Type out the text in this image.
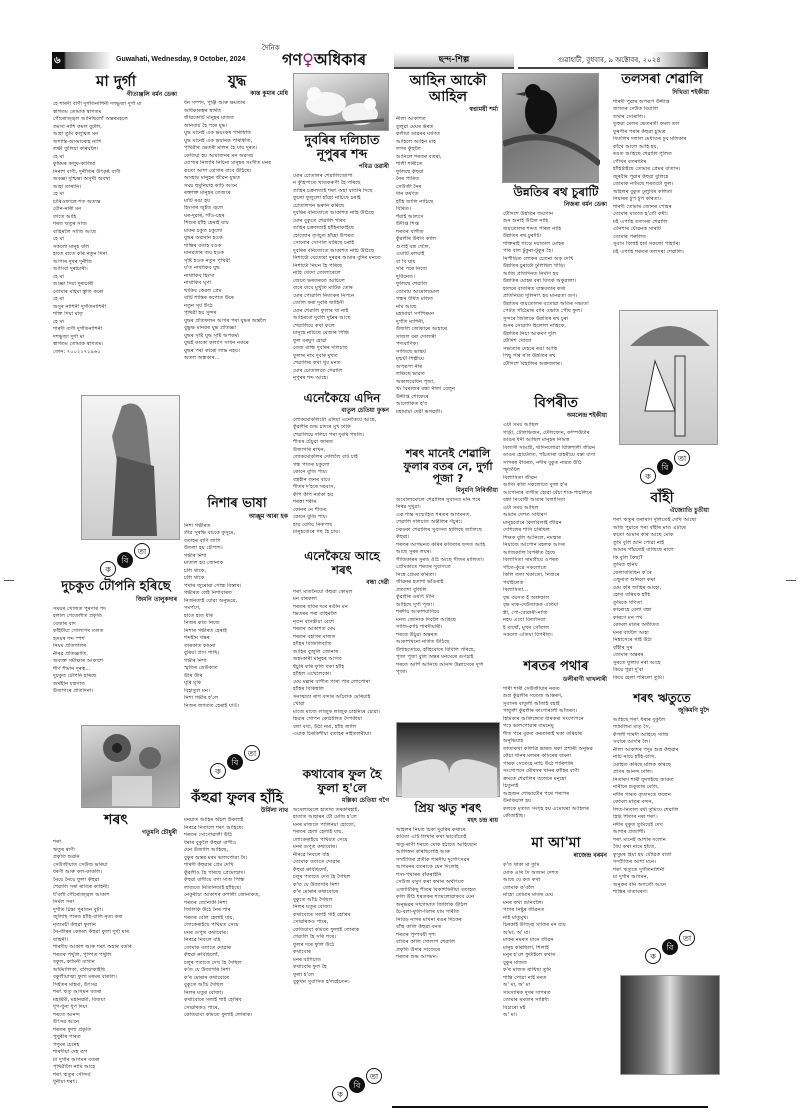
৬	Guwahati, Wednesday, 9 October, 2024
দৈনিক
গণ♀অধিকাৰ	ছন্দ-শিল্প	গুৱাহাটী, বুধবাৰ, ৯ অক্টোবৰ, ২০২৪
ক
বি
তা
ক
বি
তা
ক
বি
তা
ক
বি
তা
ক
বি
তা
মা দুৰ্গা
গীতাঞ্জলি বৰ্মন ডেকা
হে শাৰদী বাণী দুৰ্গতিনাশিনী দশভুজা দুৰ্গা মা
স্বাগতম তোমাক স্বাগতম
গৌৰোজ্জ্বল আনিছিলোঁ অন্তৰমহলে
তমসা নাশি কমল বুটলি,
আহা তুমি কলুষিত মন
অশান্তি-অসমাৰোহ নাশি
লক্ষী তুলিয়া কৰিবলৈ।
হে মা
কুমিমৰ কলুষ-কালিমা
নিৰাশ বাণী, দুৰ্নীতিৰ উৎকৃষ্ট বাণী
অবজ্ঞা দুশ্চিন্তা অসুখী অবস্থা
আহা তাৰানি।
হে মা
চাৰিওফালে শত অত্যন্ত
যৌন-নাৰী মন
তাতে আহি
শৰত ঋতুৰ সাজ
বাহিৰলৈ সাজি আছে
হে মা
সকলো মানুহ বলি
হাতে বাতে কৰি নতুন দিনা
আপাৰ দুখৰ দুৰ্নীতি
আসিবা দুৰাচাৰী।
হে মা
আজ্ঞা দিয়া দুৰাচাৰী
তোমাৰ মহিমা স্তুতি কৰো
হে মা
অসুৰ নাশিনী দুৰ্গতিনাশিনী
শক্তি দিয়া মাতৃ
হে মা
শাৰদী বাণী দুৰ্গতিনাশিনী
দশভুজা দুৰ্গা মা
স্বাগতম তোমাক স্বাগতম।
ফোন: ৭০০২২৭১৯৬০
দুচকুত টোপনি হৰিছে
জিমনি তালুকদাৰ
সময়ৰ খোজত পুৰণাৰ পদ
হলাল পেতেলীত প্ৰকৃতি
বেজাৰ বাদ
কাঁইটীয়া গোলাপৰ তলত
হৃদয়ৰ শব্দ স্পৰ্শ
নিয়ম প্ৰতিপালৰ
নীৰৱ প্ৰতিজ্ঞাতি,
অব্যক্ত সমীক্ষাৰ আকাশে
শীৰ্ণ শীমান দূৰত্ব...
দুচকুত টোপনি হৰিছে
অৰ্থহীন যন্ত্ৰণাত
উজাগৰে প্ৰতিদিনা।
শৰৎ
গতুমনি চৌধুৰী
শৰৎ
ঋতুৰ ৰাণী
প্ৰকৃতি শুৱনি
সেউজীয়াত সেউজ ভৰিয়া
ধৰণী আৰু কল-কাকলি।
নৈয়ে নৈয়ে ফুলা কঁহুৱা
শেৱালি সৰা ৰাতিৰ কাহিনী।
ধ'বলী গৌৰোজ্জ্বল আকাশ
নিৰ্মল সৰা
দুৰ্গতি চিন্তা পুৰাতন বুঢ়ী।
জুলিছি পাৰত হাঁহি-বালি নৃত্য কৰা
নৃত্যময়ী কঁহুৱা ফুলনি
নৈ-তীৰৰ কোমল কঁহুৱা ফুলা দুৰ্গা মাৰ
বাহিনী।
শাৰদীয় আকাশ আৰু শৰৎ অহাৰ বতৰি
শৰতৰ পথুলি, পুষ্পিত পথুলি
বকুল, কামিনী বাগান
অটিমালিকা, বলিয়াকাইছি
বকুলীয়াত্মা ফুলা মৰমৰ বাকলি।
সিহঁতৰ মহিমা, উৎসৱ
শৰৎ ঋতু আগমন বতৰা
মহাষ্টমী, মহানৱমী, বিজয়া
ধূপ-ধুনা ধূপ দিয়া
শৰতে আনন্দ
উৎসৱ আনে
শৰতৰ ফুলা প্ৰকৃতি
পুখুৰীৰ পাৰত
পদুমৰ চেনেহ
শাৰদীয়া দেহ ৰূপ
মা দুৰ্গাৰ আগমন বতৰা
পৃথিৱীলৈ নামি আহে
শৰৎ ঋতুৰ সৌন্দৰ্য
ধুনীয়া শৰৎ।
যুদ্ধ
কান্ত কুমাৰ মেধি
ধন সম্পদ, পুঞ্জি আৰু ক্ষমতাৰ
অধিকাৰত্বৰ স্বাৰ্থত
জীৱকোটি মানুহৰ মাজত
অনিবাৰ্য হৈ পৰে যুদ্ধ।
যুদ্ধ মানেই এক ভয়ংকৰ পৰিস্থিতি
যুদ্ধ মানেই এক ভয়ানক পৰিস্থিতি,
পৃথিৱীৰ ভেতৰী মলিন হৈ যায় দূৰত।
কেতিয়া হয় আমাজনৰ মন অৱসন্ন
যোগ্যৰ নিলাৰি নিচিনা মানুহৰ সংগীত মনৰ
কতো আশা যোগাৰ বাবে উঠিছে।
অসহায় মানুহৰ জীৱন যুদ্ধত
সময় হুমুনিয়াহ কাঢ়ি আনে
ৰক্তাক্ত মানুহৰ তেজৰে
মাটি ৰঙা হয়
হিংসাৰ জুইত জ্বলে
ঘৰ-দুৱাৰ, গাঁও-চহৰ
শিশুৰ হাঁহি হেৰাই যায়
মাকৰ চকুত চকুলো
যুদ্ধৰ অৱসান হওক
শান্তিৰ বতাহ বওক
মানৱতাৰ জয় হওক
সৃষ্টি হওক নতুন পৃথিৱী
য'ত নাথাকিব যুদ্ধ
নাথাকিব হিংসা
নাথাকিব ঘৃণা
থাকিব কেৱল প্ৰেম
বাটি শান্তিৰ কপোত উৰে
নতুন সূৰ্য উঠে
পৃথিৱী হয় সুন্দৰ
যুদ্ধৰ প্ৰতিফলন আগৰ পৰা যুদ্ধৰ অন্তলৈ
বুভুক্ষ মানৱৰ যুদ্ধ প্ৰতিজ্ঞা
যুদ্ধৰ সৃষ্টি যুদ্ধ সৃষ্টি অপকৰ্ম।
যুদ্ধই কাকো কল্যাণ সাধন নকৰে
যুদ্ধৰ পৰা কাৰো লাভ নহয়।
অতল অন্ধকাৰ...
নিশাৰ ভাষা
আঞ্জুম আৰা হক
নিশা গৰ্ভীৰত
তীৱ্ৰ সুৰভি বাকেে কুসুমে,
বতাহৰ বাণি লাগি
উতলা হয় চৌপাশ।
গভীৰ নিশা
মাতাল হয় জোনাক
চলি থাকে,
চলি থাকে
পথাৰ জুৰোৱা গোন্ধ বিস্তাৰ।
গভীৰত লেই নিশাবাৰত
নিৰ্জনতাই যোৱা অনুভৱে,
সমৰ্পণে,
হাতে হাত ধৰি
নিজৰ কাত নিজে
নিশাৰ গভীৰত হেৰাই
শব্দহীন খন্তৰ
তাৰকাত কামনা
বুৰিয়া প্ৰাণ পাখি।
গভীৰ নিশা
স্মৃতিৰ ডেউকাত
উৰি উৰি
ঘূৰি ঘূৰি
বিহাতুল মন।
নিশা গভীৰ হ'লে
নিজৰ জগতত হেৰাই যাওঁ।
কঁহুৱা ফুলৰ হাঁহি
উৰ্মিলা নাথ
মনয়াত আহিৰ অঁচল উকলাই
নিৰৱে নিতালে শৰৎ আহিছে।
শৰতৰ সোণোৱালী উঠি
ধৰাৰ বুকুলৈ কঁহুৱা বাগীও
যেন উজালি আহিছে,
বুকুৰ অন্তৰ মৰম ভালপোৱা দৈ।
শাৰদী কঁহুৱাৰ প্ৰেম দেখি
কুঁৱলীও হৈ পৰিছে প্ৰেমোন্মাদ।
কঁহুৱা বাগীয়ে বগা সাজ পিন্ধি
লাজতে নিতিনিতাই হাঁহিছে।
নেকুৰীয়া আকাশৰ কপালী জোনাকত,
শৰতৰ জোনাকী নিশা
জিলিকি উঠে নৈৰ পাৰ
শৰতৰ বেলি হেলাই যায়,
লোকেৰাইয়ে পথিয়ত সেয়ে
মনৰ গুপুত কথাবোৰ।
নিৰৱে নিবলে বহি
তোমাক বতাতে দোৱাৰ
কঁহুৱা ৰুবিছিলোঁ,
চলুৰ পতাতে দেখ হৈ দৈছিল
ক'ত যে উজাগৰি নিশা
ক'ৰ মোৰাৰ কথাবোৰে
বুকুতে আঁচি দৈছিল
নিলৰ ঘতুৰ বোজা।
কথাবোৰে সলাই গাই হোৰিব
সোৱৰিকও পাৰে,
কেতিয়াবা কমিতে ফুলাই লোৰাক।
দুবৰিৰ দলিচাত নূপুৰৰ শব্দ
পবিত্ৰ ডৱাৰী
মোৰ চোতালৰ শেৱালিজোপা
ন কুঁহিপাতে খাতকৰুণী হৈ পৰিছে
তাহিৰ চক্ৰলতাই শৰৎ অহা বাতৰি দিছে
ফুলো ফুলুলো হাঁহো নাচিছে চৰাই
চোতালখন ভৰুনি কৰিছে
দুবৰিৰ বনিতোতে আকাশত নাহি উঠিছে
মোৰ বুকুতে শেৱালি পৰিব
তাহিৰ চক্ৰলতাই হাঁহিনাকাইছে
হোজোৰ তৃণচুল হাঁহো উপৰত
সোনোৰ সোণাল মাৰিছে চৰাই
দুবৰিৰ বনিতোতে আকাশত নাচি উঠিছে
নিশাটো যেতোৱা দুৰৱৰ আমাৰ বুদিৰ মনতে
নিশাটো নিয়ন হৈ পৰিছে
নাহি খেদো তোলাৰেলে
জেতে ভৰতৰতে আচিলে
বাৰে বাবে মুখুতি মাটিক তোৰ
মোৰ পোৱালি নিতাকৰ নিপনে
তোলি কৰা দুবৰি জাহিনী
মোৰ শেৱালি ফুলাৰ খা নাই
আহিৰবো দুবলি দুৰৈৰ আছে
শেৱালিয়ে কথা কলে
মানুহে নাচিছে বেজাৰ পিন্ধি
ফুল বৰষুণ হোৱা
তেজ বান্ধি দুবৰিৰ দলিচাত
ফুলাৰ নাম দুবৰি মুখত
শেৱালিৰ কথা খুব মনত
মোৰ চোতালতে শেৱালি
নূপুৰৰ শব্দ আহে।
এনেকৈয়ে এদিন
বাতুল চেতিয়া ফুকন
লোকমোকলিটো এদিয়া এনেকৈয়ে আহে,
কুঁৱলীৰ শুভ চাদৰে মুখ ঢাকি
শেৱালিয়ে দলিচা পৰা দুবৰি গছতি।
শীতৰ চেঁচুৱা জাৰত
উজাগৰি ৰাখন,
লোকমোকলিৰ দেলিলৈ বাট চাই
গন্ধ পাতৰ চকুলো
কোনে বুজি পায়।
বস্ত্ৰহীন জনৰ বাবে
শীতৰ দ'হৰে সহবাস,
কঁপি কঁপি নৰ্তকা হয়
শৰত্তা শৰীৰ
কোনৰ নে শীতৰ
কোনে বুজি পায়।
হায় বেদিয় নিৰুপায়
মানুহবোৰে গছ হৈ চায়।
এনেকৈয়ে আহে শৰৎ
বন্ধা দেৱী
শৰৎ মাতনৈয়ো কঁহুৱা কোমল
মন বাৰকলা
শৰতৰ ছবিৰ দৰে ৰঙীন মন
ভিতৰৰ পৰা বাহিৰলৈ
নৃতন বাসন্তীয়া বেশে
শৰতৰ আকাশত মেঘ
শৰতৰ বহাগৰ মাজত
হাঁহিৰ বিজিলিবাতি
আহিৰ বুজুলি জোনাৰ
অহংকাৰী মানুহৰ আগত
ছঁচুৰি কৰি ফুলি থকা হাঁহি
হাঁহিল এখেলেকো।
মেঘ মল্লাৰ বাগীত পাৰা পাৰ লোপোৰা
হাঁহিৰ বিকিশ্বলি
সনাত্মতা ৰাগ বন্দাৰ আঁচলক মেৰিয়াই
খোৱা
মাজে মাজে লাজুক লাজুক চাহনিৰে চোৱা।
হিয়াৰ গোপন কোঠালিত দৈপকীয়া
বলা বখা, উঠা নমা, হাঁহি জালি
এয়াক চিৰকিশীয়া বতাহৰ নাইতলৰীয়া।
কথাবোৰ ফুল হৈ ফুলা হ'লে
মল্লিকা চেতিয়া গগৈ
অবেলাবেলে হাতাত তৰকৰিহাই,
হাতাত আহাৰৰ টৌ মেজি হ'লে
মনৰ মাজতে পালিনয়া হোতো,
শৰতৰ হেলা হেলাই যায়,
লোকেৰাইয়ে পথিয়ত সেয়ে
মনৰ গুপুত কথাবোৰ।
নীৰৱে নিবলে বহি
তোমাক বতাতে দোৱাৰ
কঁহুৱা ৰুবিছিলোঁ,
চলুৰ পতাতে দেখ হৈ দৈছিল
ক'ত যে উজাগৰি নিশা
ক'ৰ মোৰাৰ কথাবোৰে
বুকুতে আঁচি দৈছিল
নিলৰ ঘতুৰ বোজা।
কথাবোৰে সলাই গাই হোৰিব
সোৱৰিকও পাৰে,
কেতিয়াবা কমিতে ফুলাই লোৰাক
শেৱালি হৈ সৰি পৰে।
ফুলৰ দৰে ফুলি উঠে
কথাবোৰ
মনৰ বাগিচাত
কথাবোৰ ফুল হৈ
ফুলা হ'লে
বুকুখন সুবাসিত হ'লহেঁতেন।
আহিন আকৌ আহিল
স্বপ্নাময়ী শৰ্মা
নীলা আকাশত
তুলুৱা মেঘৰ ভঁৰত
কলীয়া ডাৱৰৰ ঘৰ্ষণত
আহিলে আহিন মাহ
লগৰ কুঁহুলৈ
আনিলে শৰতৰ বতৰা,
শালী শাৰীতে
ফুলিছে কঁহুৱা
নৈৰ পাৰিত
সেউজী নৈৰ
ধান কৰ্ষণত
হাঁহি জালি নাচিছে
বিৰিণ্ড।
শঁৱাই আলসে
উদীপ্ত শিপ্ত
শৰতৰ বাগীত
কুঁৱলীৰ উৰণি কালি
গুণাই বস্ত্ৰ খেলি,
এয়াটি মলয়াই
বা বি যায়
সৰি পৰে নিজে
দুৰ্বিবনত।
ফুলিছে শেৱালি
তোমায় আমোলমোল
গন্ধৰ ধৰ্ষিত মলিত
নমি আছে
মহামায়া সৰ্পশিৰমন
দুৰ্গতি নাশিনী,
উজলি জোকাৰে আহাৰে
সাজল বৰা দোলাৰী
পদ্যবাণিক।
সাজিছে ভাস্কৰ্য
মৃন্ময়ী শিল্পীয়ে
অপৰূপা নীৰ
লক্ষিছে ভাৱত
অকালবোধন পূজা,
খং বিৰাজৰ বন্ধা নীলা বেলুন
উদ্দীপ্ত শোকেৰে
আলোকিত হ'ব
মহামায়া দেৱী ভগৱতী।
শৰৎ মানেই শেৱালি ফুলাৰ বতৰ নে, দুৰ্গা পূজা ?
মিনুমণি নিৰিজীয়া
অবোলামোলে শেৱালিৰ সুবাসত মনি পৰে
নিৰৱ দুখুৱা।
এক শান্ত সম্মোহিত শৰতৰ আগমনত,
শেৱালি দলিচাত অঞ্জলিৰ সঁচুৰা।
ঢকঢকা শেৱালিৰ সুবাসত হালিছে জালিছে
কঁহুৱা।
শৰতৰ আগমনত কৰিৰ কবিতাৰ ছন্দত আহি
আছে সুৰৰ লয়ৰ।
গীতিকাৰৰ সুৰত ওঁঠি আছে গীতৰ মালিতা।
প্ৰেমিকাতে শৰতৰ সুবাসতে
নিশ্বে প্ৰেমৰ কৰিতা।
জীৱনৰ হতাশা ভাঁঙৰাই
প্ৰত্যাশা বুলিলি
কুঁৱলীৰ ওৰণি টানি
আহিছে দুৰ্গা পূজা।
শৰদীয় আকাশবাণিয়ে
মনত জোনাক দিবলৈ আহিছে
সাজি-কাচি শাৰদীয়াৰী।
শৰতে উঠুৱা অন্তৰত
আকাশখনো নৰ্তিত উঠিছে
উশাহতোৱে, হাঁহিবোৰে বিবিলি পৰিছে,
পূজা পূজা বুলি অন্তৰ মনমেৰে গুণচাই
শৰতে আৰ্শি আনিছে আনন্দ উল্লাসেৰে দুৰ্গা
পূজা।
প্ৰিয় ঋতু শৰৎ
মহৎ চন্দ্ৰ ৰায়
অহিলৰ নিয়ত চিকা দুবৰিৰ কথাৰে
কবিতা এটি লিখাৰ কথা ভাবোঁতেই
ঋতু-ৰাণী শৰতে মোক হঠাতে আহিছোন
আলিঙ্গন কৰিছিলেহি আৰু
সম্প্ৰীতিৰ প্ৰতীক শাৰদীয় দুৰ্গোৎসৱৰ
আগমনৰ বতৰাকে যেন দিলেহি
শস্য-পথাৰৰ বাঁকৰাইনি
সেউজ বসুণ কৰা কথাৰ অৰ্থাৎতে
এজাটিকিছু শীতৰ বিকশিষিনীয়া বতাহত
কলি উঠি শৰতকৰ শ্যামলোৱাকবে যেন
অনুভৱৰ সাগোমাত জিলিকি উঠিল
চৈ-বলা-ফুলি-বিলৰ যাম পাৰীত
নিবিড় নাগৰ মাখনা ৰঙৰ দিঠকৰ
বাঁহি কালি কঁহুৱা বনত
শৰতৰ পুষ্পবৰ্ষী দৃশ্য
বাতিৰ কালি গোলাপ শেৱালি
প্ৰকৃতি উদাৰ সাজেৰে
শৰতৰ শুভ আগমন।
উন্নতিৰ ৰথ চুৰাটি
নিজৰা বৰ্মন ডেকা
টৌদিশে উন্নতিৰ জয়গান
শুন শুনাই উঠিল নাহি
জয়তোলৰ শব্দত পৰিল নাহি
উন্নতিৰ ৰথ চুৰাটি।
শক্তিৰাই গাড়ে দয়াতাল মোহৰ
পৰি বাল টুকুৰা-টুকুৰ হৈ।
নিৰ্পীড়িত লোকৰ চেতনা অকৃ দেখি
উন্নতিৰ চুৰাটো ঢুলিছিল গাড়ি।
আজি প্ৰতিদিনত নিৰ্মাণ হয়
উন্নতিৰ মোহৰ বৰা বিতৰ্ক অকুৱালা।
হালৰে বাতৰিত বাস্তবতাৰ কথা
প্ৰতিনিয়ত দুলিনাৎ হয় মানৱতা গুণ।
উন্নতিৰ জয়তোলৰ বতোৱা অতিৰ সভ্যতা
পেটত গাঁঠেমাৰ বাৰি ওভতি পৌষ ফুল।
সুন্দৰে জিলিকে উন্নতিৰ ৰথ চুৰা
শুনৰ সোৱাদি হিলোল নাহিকে,
উন্নতিৰ নিয়া আকৰণ দুলি
টৌদিশ খোজা
সভ্যতাৰ দেহৰে ৰঙা আত্নি
পিছু পৰি ৰ'ল উন্নতিৰ ৰথ
টৌদিশে বিহালিৰ অশ্ৰুজলৰ।
বিপৰীত
অমলেন্দ্ৰ শইকীয়া
এটা সময় আছিল
গাড়ী, টেলিভিজন, টেলিফোন, কম্পিউটাৰ
ডাঙৰ ধনী আছিল মানুহৰ নিমিত্ত
বিলাসী সামগ্ৰী, খাদিনলোৱা বিত্তিশালী জীৱন
ডাঙৰ হোটেলত, পাঁচতাৰা বাহৰীয়ে বস্তা বাণা
সাগৰৰ বীবৰত, নদীৰ বুকুত নাৱত উঠি
স্ফূৰ্তিলৈ
বিলাসিতা জীৱন
আজি কলি সকলোতে বুজা হ'ৰ
আপোনাৰ বাগীত হোৱা বেঁচা শাক-পাচলিৰে
বন্ধা নিবোধী আৱাৰ বিলাসিতা
এটা সময় আছিল
আমাৰ দেশত সাধাৰণ
মানুহবোৰে কিলবিলাই জীৱন
দেশিলেৰ শাসি চৰিছিল
শিক্ষক বুলি আনিলে, নমস্কাৰ
নিয়াজে আপোন মহলক আদৰ
আজিকালি বিপৰীত হৈছে
বিলাসিতা সামগ্ৰীয়ে ওপৰত
গাঁতে-কুঁৱে সকলোতে
কিলি তলা থকাতো, নিজৰে
পৰ্যাইলেক
বিলাসিতা...
বৃদ্ধ বয়সত ই অশ্ৰুকাল
বৃদ্ধ মাক-দেউতাকক এতিয়া
স্ত্ৰী, পো-বোৱাৰী-নাতি
নহয় এবো বিলাসিতা
ই মাথোঁ, মুখৰ সোঁতাল
সকলো এতিয়া বিপৰীত।
শৰতৰ পথাৰ
ডলীৰাণী খাখলাৰী
শাৰী শাৰী সেউজীয়াৰ নকত
শুভ্ৰ কুঁৱলীৰ সতেজ আস্তৰণ,
সুবাসৰ বাতুলী আঁতাই বহাই
পাতুলী কুঁৱলীৰ কাপোৰালী আঁতৰণ।
হিমিকাৰ আলিঙ্গোত ধাৰকৰা সংগোপনে
গঢ়ে ভালপোৱাৰ বামনেমু
শীত পৰে বুকত কৰতাৰাই থকা তৰিয়াৰ
অনুভিয়াহ
তাতাকথা কলিত্ৰি ভাৰত থকা প্ৰশাৰী অনুভৱ
কেঁচা খানৰ মলৰৰ কঢ়িৰেৰ বামনা
পাৰক সেতেহে নাচি উঠে শাৰিশাৰি
সংগোপনে মৌৰসৰ খানৰ কাঁহিৰ বাণী
ক্ৰমকে শেৱালিৰ তলেৰে মনুহো
চিতুনাই
আহজন শোভাটৌৰ পথে পৰাপৰ
উনকিয়াল হয়
কলকে মৃতাত সংগৃহ হয় এমোবৰা আহিলৰ
কৌতাইছি।
মা আ'মা
ৰাজেন্দ্ৰ বৰমন
ক'ত থাকা মা তুমি
মোক এৰি দৈ অজান দেশত
আছে যে কত কথা
তোমাক ক'বলৈ
নাহো তোমাৰ মাতৰ মেঘ
মনৰ কথা শুনিবলৈ।
পাগৰ নিষ্টুৰ জীৱনত
নাই মাতুমুখ।
চিৰকাই উজ্জ্বি সাতিৰ মন যায়
অ'মা, অ' মা।
মাকৰ নমৰত মানে জীৱন
মানুহ কৰিছিলা, শিলাই
মনুৰ হ'লে ফুটাইলে কথাৰ
বুকুৰ মাজত
ক'ৰ মাজত ৰাখিছা তুমি
শান্তি পোৱা নাই মনত
অ' মা, অ' মা
সাংসাৰিক দুখৰ সাগৰত
তোমাৰ মমতাৰ সান্নিধ্য
বিচাৰো মই
অ' মা।
তলসৰা শেৱালি
দিখিতা শইকীয়া
শাৰদী পুৱাৰ অপৰূপ উদ্দীপ্ত
জগতৰ দেউক বিয়ালি
তথাৰ সোৰালি।
তুহুৱা মেলৰ ভেতৰতী কমল তল
ফুৰণীৰ পৰাৰ কঁহুৱা চুমিত্ৰ
বিতলিৰ দলাল মেধাতৰ ঢুব মলিকাৰ
কাঁথে আলে আহি হয়,
ৰঙত আহিছে শেৱালি পুলিত
গৌখৰ বতৰাটাৰ
হাঁহিটাইছে তোমাৰ প্ৰেমৰ বাতাস।
জুৰবীৰ পুৱাৰ কঁহুৱা বুলিহে
তোমাক নামিছে শৰতটো ফুল।
অহিলৰ বুকুত ঢুলুবিৰ কলিতা
নিয়াৰৰ টুপ টুপ কৰিতা।
শাৰদী তোমাৰ জোনৰ পোহৰ
তোমাৰ মাতাত হ'তৌ কদী।
মই এপাহি তলসৰা শেৱালি
এনিশাৰ যৌৱনক সাৰটি
তোমাৰ পৰুলিত
সুবাস বিলাই হাৰ্ষ সকলো পাহাৰি।
মই এপাহি শৰতৰ তলসৰা শেৱালি।
বাঁহী
ঐজ্যোতি চুতীয়া
শৰৎ ঋতুৰ তৰাৰাণ দুলিতেই দেখি আছো
অজি পুৱাৰে পৰা বাঁহীৰ মাত এটাৰে
কতো আমাৰ কৰি আছে মোক
তুমি বুলি শুনি পোৱা নাই
আমাৰ গাঁৱতেই বাজিছে ৰাগে
কি বুলি কৈছা?
তুমিত হুনিয়
কেলাবতিছিন ক'ৰে
এছুনাত শুনিলে কথা
মেম কৰি জাহিৰ আহো,
হোদা তৰিয়ক হাঁহি
তুমিকে গণিতা
কাৰোহে বেলা বন্ধা
কাৰণে মন পথ
কোমল মাতৰ অতীতত
মনৰ বাটলৈ আহা
নিশ্বাসেৰে গাই উঠা
বাঁহীৰ সুৰ
তোমাৰ অন্তৰৰ
সুৰতে ফুলাব নৰা আহে
কিয়ে পুৱা দু'বা
কিয়ে হেলা পৰিলো তুমি।
শৰৎ ঋতুতে
জুকিমণি মুদৈ
আহিছে শৰৎ ধৰাৰ বুকুলৈ
শ্যামলিমা মাতৃ সৈ,
কঁপলী শাৰদী আহিছে সাজি
সবাৰে আদৰি লৈ।
নীলা আকাশৰ পদুম শুভ্ৰ কঁহুৱাৰ
নাচি নাচে হাঁহি-বাসি,
মোহিত কৰিছে মলিক কৰিছে
প্ৰাণৰ আনন্দ ঢালি।
নিতাৰণ শাৰী ফুলাইছে জাকত
নাৰীৰে শুকুতাৰ বেলি,
নদীৰ পাৰত তৃতাদতে ফলেন
কোমল মাতৃৰ বন্দন,
লিত-নিতাল বৰ্ষা তুমিয়ে শেৱালি
স্নিগ্ধ শিতাৰ নৰা শৰৎ।
নদীৰ বুকুত তুমিয়েই দেখ
আশাৰ প্ৰত্যাশী।
শৰৎ মানেই আশাৰ দলোন
ধৈৰ্য কথা নামে হাঁতে,
কুসুমৰ হিয়া হয় যৌৱিক বাৰ্তা
সম্প্ৰীতিৰ আশা মনে।
শৰৎ ঋতুতে দুৰ্গতিনাশিনী
মা দুৰ্গাৰ আগমন,
অনুকৰ বনি অগতৌ আনে
শান্তিৰ বাতাবৰণ।
